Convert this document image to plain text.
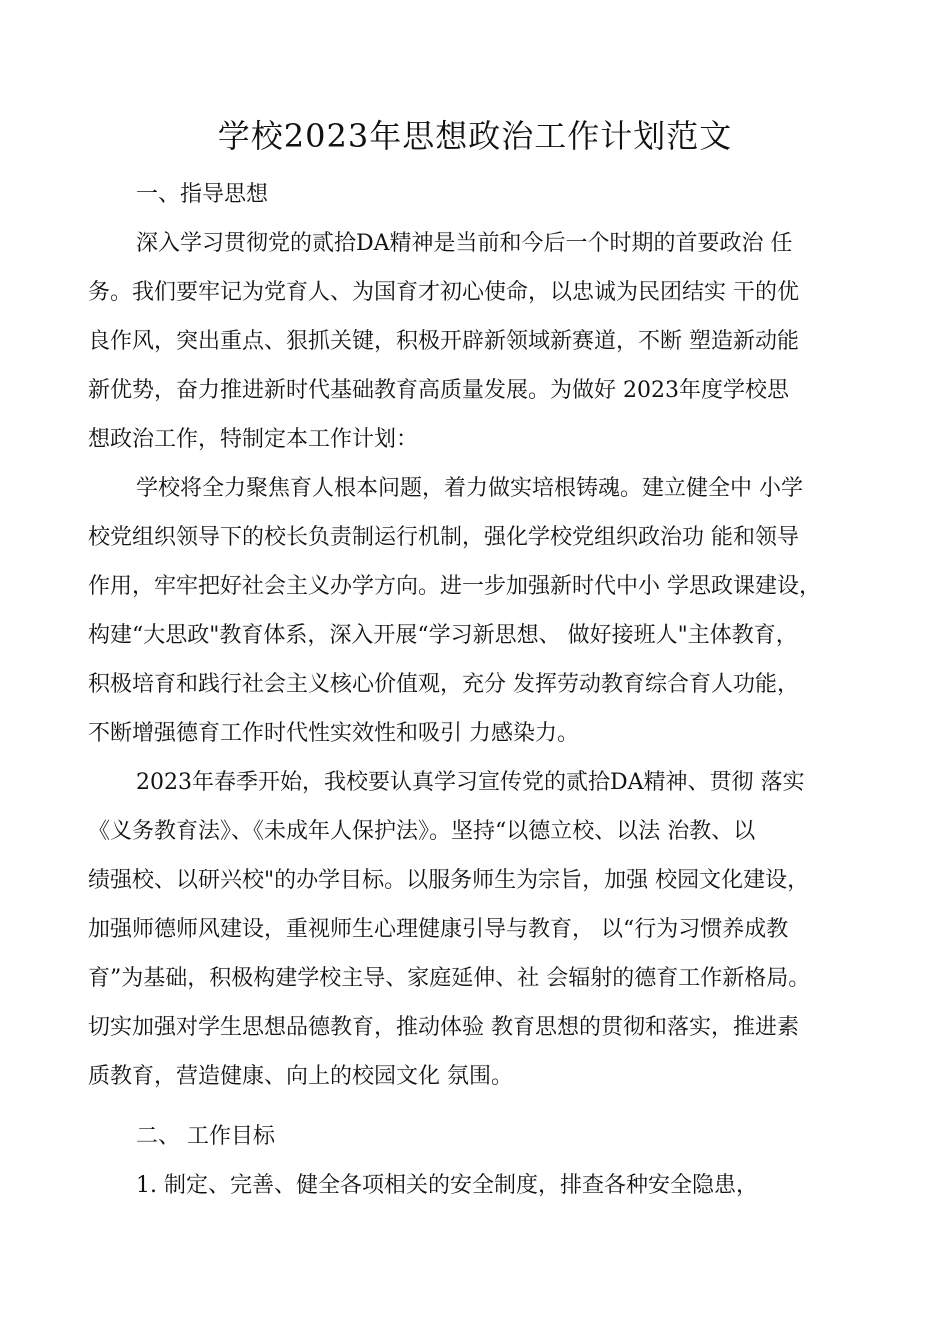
学校2023年思想政治工作计划范文
一、指导思想
深入学习贯彻党的贰拾DA精神是当前和今后一个时期的首要政治 任
务。我们要牢记为党育人、为国育才初心使命，以忠诚为民团结实 干的优
良作风，突出重点、狠抓关键，积极开辟新领域新赛道，不断 塑造新动能
新优势，奋力推进新时代基础教育高质量发展。为做好 2023年度学校思
想政治工作，特制定本工作计划：
学校将全力聚焦育人根本问题，着力做实培根铸魂。建立健全中 小学
校党组织领导下的校长负责制运行机制，强化学校党组织政治功 能和领导
作用，牢牢把好社会主义办学方向。进一步加强新时代中小 学思政课建设，
构建“大思政"教育体系，深入开展“学习新思想、 做好接班人"主体教育，
积极培育和践行社会主义核心价值观，充分 发挥劳动教育综合育人功能，
不断增强德育工作时代性实效性和吸引 力感染力。
2023年春季开始，我校要认真学习宣传党的贰拾DA精神、贯彻 落实
《义务教育法》、《未成年人保护法》。坚持“以德立校、以法 治教、以
绩强校、以研兴校"的办学目标。以服务师生为宗旨，加强 校园文化建设，
加强师德师风建设，重视师生心理健康引导与教育， 以“行为习惯养成教
育”为基础，积极构建学校主导、家庭延伸、社 会辐射的德育工作新格局。
切实加强对学生思想品德教育，推动体验 教育思想的贯彻和落实，推进素
质教育，营造健康、向上的校园文化 氛围。
二、 工作目标
1. 制定、完善、健全各项相关的安全制度，排查各种安全隐患，
